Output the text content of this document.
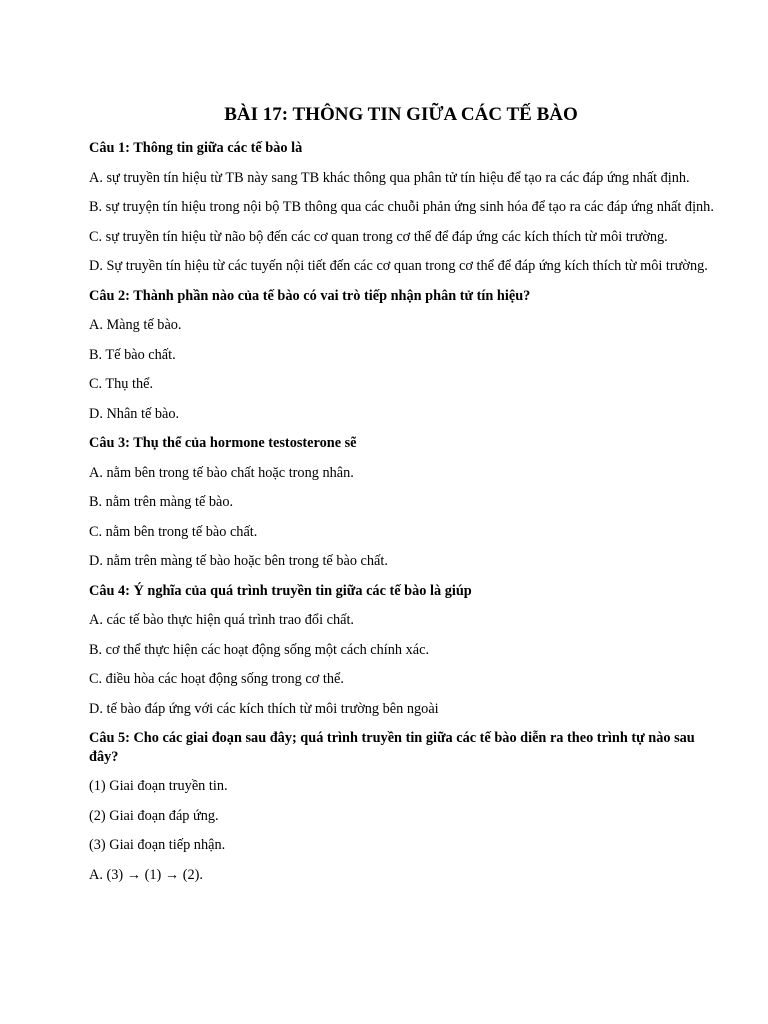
BÀI 17: THÔNG TIN GIỮA CÁC TẾ BÀO

Câu 1: Thông tin giữa các tế bào là

A. sự truyền tín hiệu từ TB này sang TB khác thông qua phân tử tín hiệu để tạo ra các đáp ứng nhất định.

B. sự truyện tín hiệu trong nội bộ TB thông qua các chuỗi phản ứng sinh hóa để tạo ra các đáp ứng nhất định.

C. sự truyền tín hiệu từ não bộ đến các cơ quan trong cơ thể để đáp ứng các kích thích từ môi trường.

D. Sự truyền tín hiệu từ các tuyến nội tiết đến các cơ quan trong cơ thể để đáp ứng kích thích từ môi trường.

Câu 2: Thành phần nào của tế bào có vai trò tiếp nhận phân tử tín hiệu?

A. Màng tế bào.

B. Tế bào chất.

C. Thụ thể.

D. Nhân tế bào.

Câu 3: Thụ thể của hormone testosterone sẽ

A. nằm bên trong tế bào chất hoặc trong nhân.

B. nằm trên màng tế bào.

C. nằm bên trong tế bào chất.

D. nằm trên màng tế bào hoặc bên trong tế bào chất.

Câu 4: Ý nghĩa của quá trình truyền tin giữa các tế bào là giúp

A. các tế bào thực hiện quá trình trao đổi chất.

B. cơ thể thực hiện các hoạt động sống một cách chính xác.

C. điều hòa các hoạt động sống trong cơ thể.

D. tế bào đáp ứng với các kích thích từ môi trường bên ngoài

Câu 5: Cho các giai đoạn sau đây; quá trình truyền tin giữa các tế bào diễn ra theo trình tự nào sau đây?

(1) Giai đoạn truyền tin.

(2) Giai đoạn đáp ứng.

(3) Giai đoạn tiếp nhận.

A. (3) → (1) → (2).
